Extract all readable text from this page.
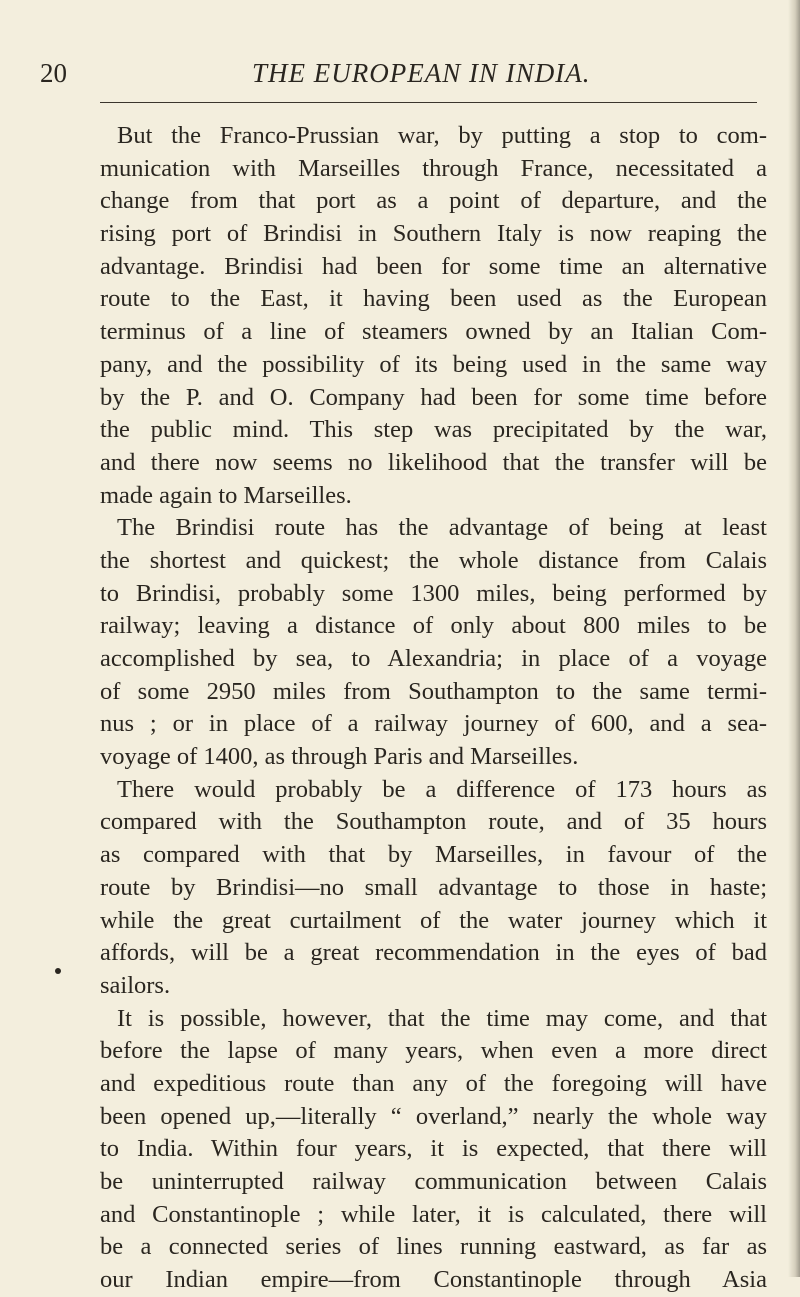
20	THE EUROPEAN IN INDIA.
But the Franco-Prussian war, by putting a stop to com-
munication with Marseilles through France, necessitated a
change from that port as a point of departure, and the
rising port of Brindisi in Southern Italy is now reaping the
advantage. Brindisi had been for some time an alternative
route to the East, it having been used as the European
terminus of a line of steamers owned by an Italian Com-
pany, and the possibility of its being used in the same way
by the P. and O. Company had been for some time before
the public mind. This step was precipitated by the war,
and there now seems no likelihood that the transfer will be
made again to Marseilles.
The Brindisi route has the advantage of being at least
the shortest and quickest; the whole distance from Calais
to Brindisi, probably some 1300 miles, being performed by
railway; leaving a distance of only about 800 miles to be
accomplished by sea, to Alexandria; in place of a voyage
of some 2950 miles from Southampton to the same termi-
nus ; or in place of a railway journey of 600, and a sea-
voyage of 1400, as through Paris and Marseilles.
There would probably be a difference of 173 hours as
compared with the Southampton route, and of 35 hours
as compared with that by Marseilles, in favour of the
route by Brindisi—no small advantage to those in haste;
while the great curtailment of the water journey which it
affords, will be a great recommendation in the eyes of bad
sailors.
It is possible, however, that the time may come, and that
before the lapse of many years, when even a more direct
and expeditious route than any of the foregoing will have
been opened up,—literally “ overland,” nearly the whole way
to India. Within four years, it is expected, that there will
be uninterrupted railway communication between Calais
and Constantinople ; while later, it is calculated, there will
be a connected series of lines running eastward, as far as
our Indian empire—from Constantinople through Asia
